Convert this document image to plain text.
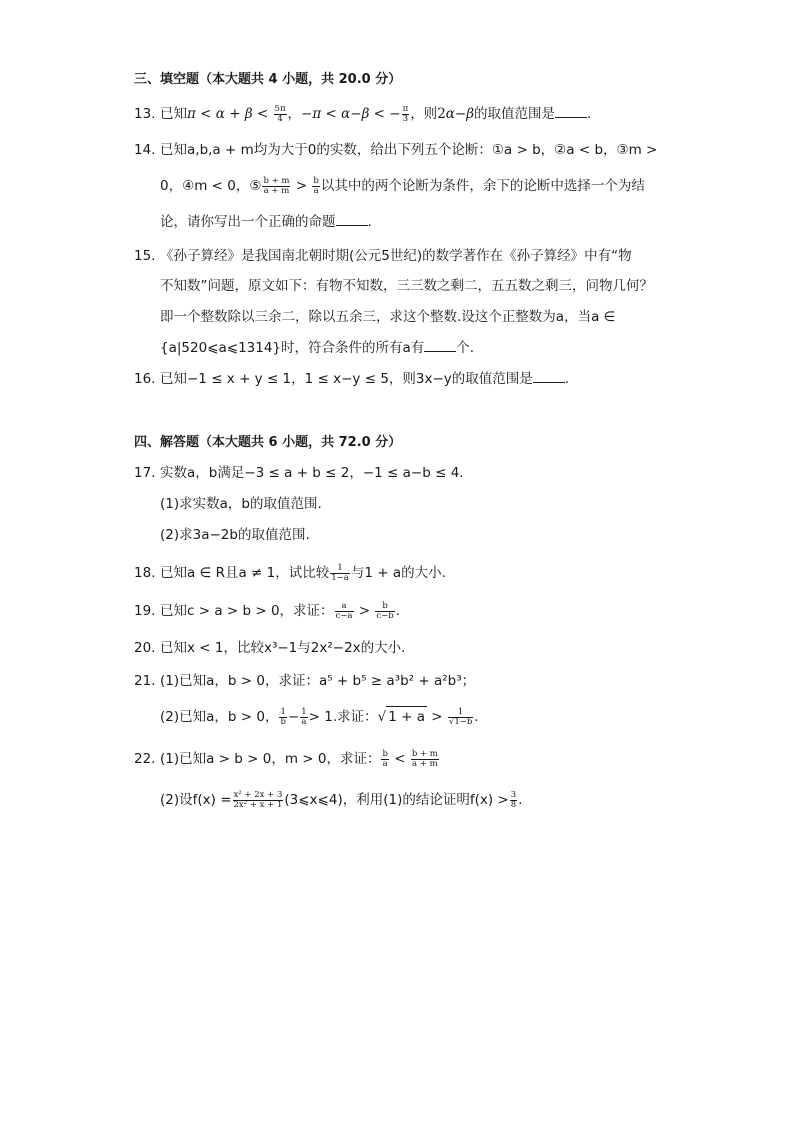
三、填空题（本大题共 4 小题，共 20.0 分）
13. 已知$\pi < \alpha + \beta < \frac{5\pi}{4}$ ，−π < α−β < − $\frac{\pi}{3}$ ，则2α−β的取值范围是 .
14. 已知a,b,a + m均为大于0的实数，给出下列五个论断：①a > b，②a < b，③m >
0，④m < 0，⑤ $\frac{b + m}{a + m} > \frac{b}{a}$ 以其中的两个论断为条件，余下的论断中选择一个为结
论，请你写出一个正确的命题 .
15. 《孙子算经》是我国南北朝时期(公元5世纪)的数学著作在《孙子算经》中有“物
不知数”问题，原文如下：有物不知数，三三数之剩二，五五数之剩三，问物几何？
即一个整数除以三余二，除以五余三，求这个整数.设这个正整数为a，当a ∈
{a|520⩽a⩽1314}时，符合条件的所有a有 个.
16. 已知−1 ≤ x + y ≤ 1，1 ≤ x−y ≤ 5，则3x−y的取值范围是 .
四、解答题（本大题共 6 小题，共 72.0 分）
17. 实数a，b满足−3 ≤ a + b ≤ 2，−1 ≤ a−b ≤ 4.
(1)求实数a，b的取值范围.
(2)求3a−2b的取值范围.
18. 已知a ∈ R且a ≠ 1，试比较 $\frac{1}{1-a}$ 与1 + a的大小.
19. 已知c > a > b > 0，求证： $\frac{a}{c-a} > \frac{b}{c-b}$ .
20. 已知x < 1，比较x³−1与2x²−2x的大小.
21. (1)已知a，b > 0，求证：a⁵ + b⁵ ≥ a³b² + a²b³；
(2)已知a，b > 0， $\frac{1}{b} - \frac{1}{a} > 1$.求证：√ $1 + a > \frac{1}{√1-b}$ .
22. (1)已知a > b > 0，m > 0，求证： $\frac{b}{a} < \frac{b + m}{a + m}$
(2)设$f(x) = \frac{\text{x² + 2x + 3}}{\text{2x² + x + 1}}$ (3⩽x⩽4)，利用(1)的结论证明$f(x) > \frac{3}{8}$ .
